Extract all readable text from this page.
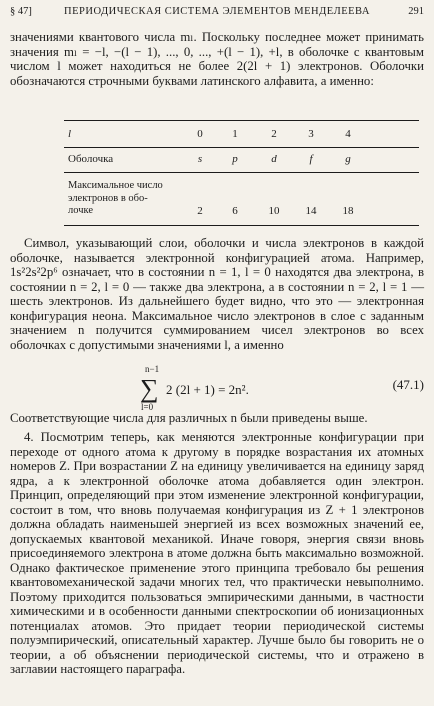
§ 47]	ПЕРИОДИЧЕСКАЯ СИСТЕМА ЭЛЕМЕНТОВ МЕНДЕЛЕЕВА	291
значениями квантового числа mₗ. Поскольку последнее может принимать значения mₗ = −l, −(l − 1), ..., 0, ..., +(l − 1), +l, в оболочке с квантовым числом l может находиться не более 2(2l + 1) электронов. Оболочки обозначаются строчными буквами латинского алфавита, а именно:
l	0	1	2	3	4
Оболочка	s	p	d	f	g
Максимальное число
электронов в обо-
лочке	2	6	10	14	18
Символ, указывающий слои, оболочки и числа электронов в каждой оболочке, называется электронной конфигурацией атома. Например, 1s²2s²2p⁶ означает, что в состоянии n = 1, l = 0 находятся два электрона, в состоянии n = 2, l = 0 — также два электрона, а в состоянии n = 2, l = 1 — шесть электронов. Из дальнейшего будет видно, что это — электронная конфигурация неона. Максимальное число электронов в слое с заданным значением n получится суммированием чисел электронов во всех оболочках с допустимыми значениями l, а именно
n−1
∑
l=0
2 (2l + 1) = 2n².	(47.1)
Соответствующие числа для различных n были приведены выше.
4. Посмотрим теперь, как меняются электронные конфигурации при переходе от одного атома к другому в порядке возрастания их атомных номеров Z. При возрастании Z на единицу увеличивается на единицу заряд ядра, а к электронной оболочке атома добавляется один электрон. Принцип, определяющий при этом изменение электронной конфигурации, состоит в том, что вновь получаемая конфигурация из Z + 1 электронов должна обладать наименьшей энергией из всех возможных значений ее, допускаемых квантовой механикой. Иначе говоря, энергия связи вновь присоединяемого электрона в атоме должна быть максимально возможной. Однако фактическое применение этого принципа требовало бы решения квантовомеханической задачи многих тел, что практически невыполнимо. Поэтому приходится пользоваться эмпирическими данными, в частности химическими и в особенности данными спектроскопии об ионизационных потенциалах атомов. Это придает теории периодической системы полуэмпирический, описательный характер. Лучше было бы говорить не о теории, а об объяснении периодической системы, что и отражено в заглавии настоящего параграфа.
